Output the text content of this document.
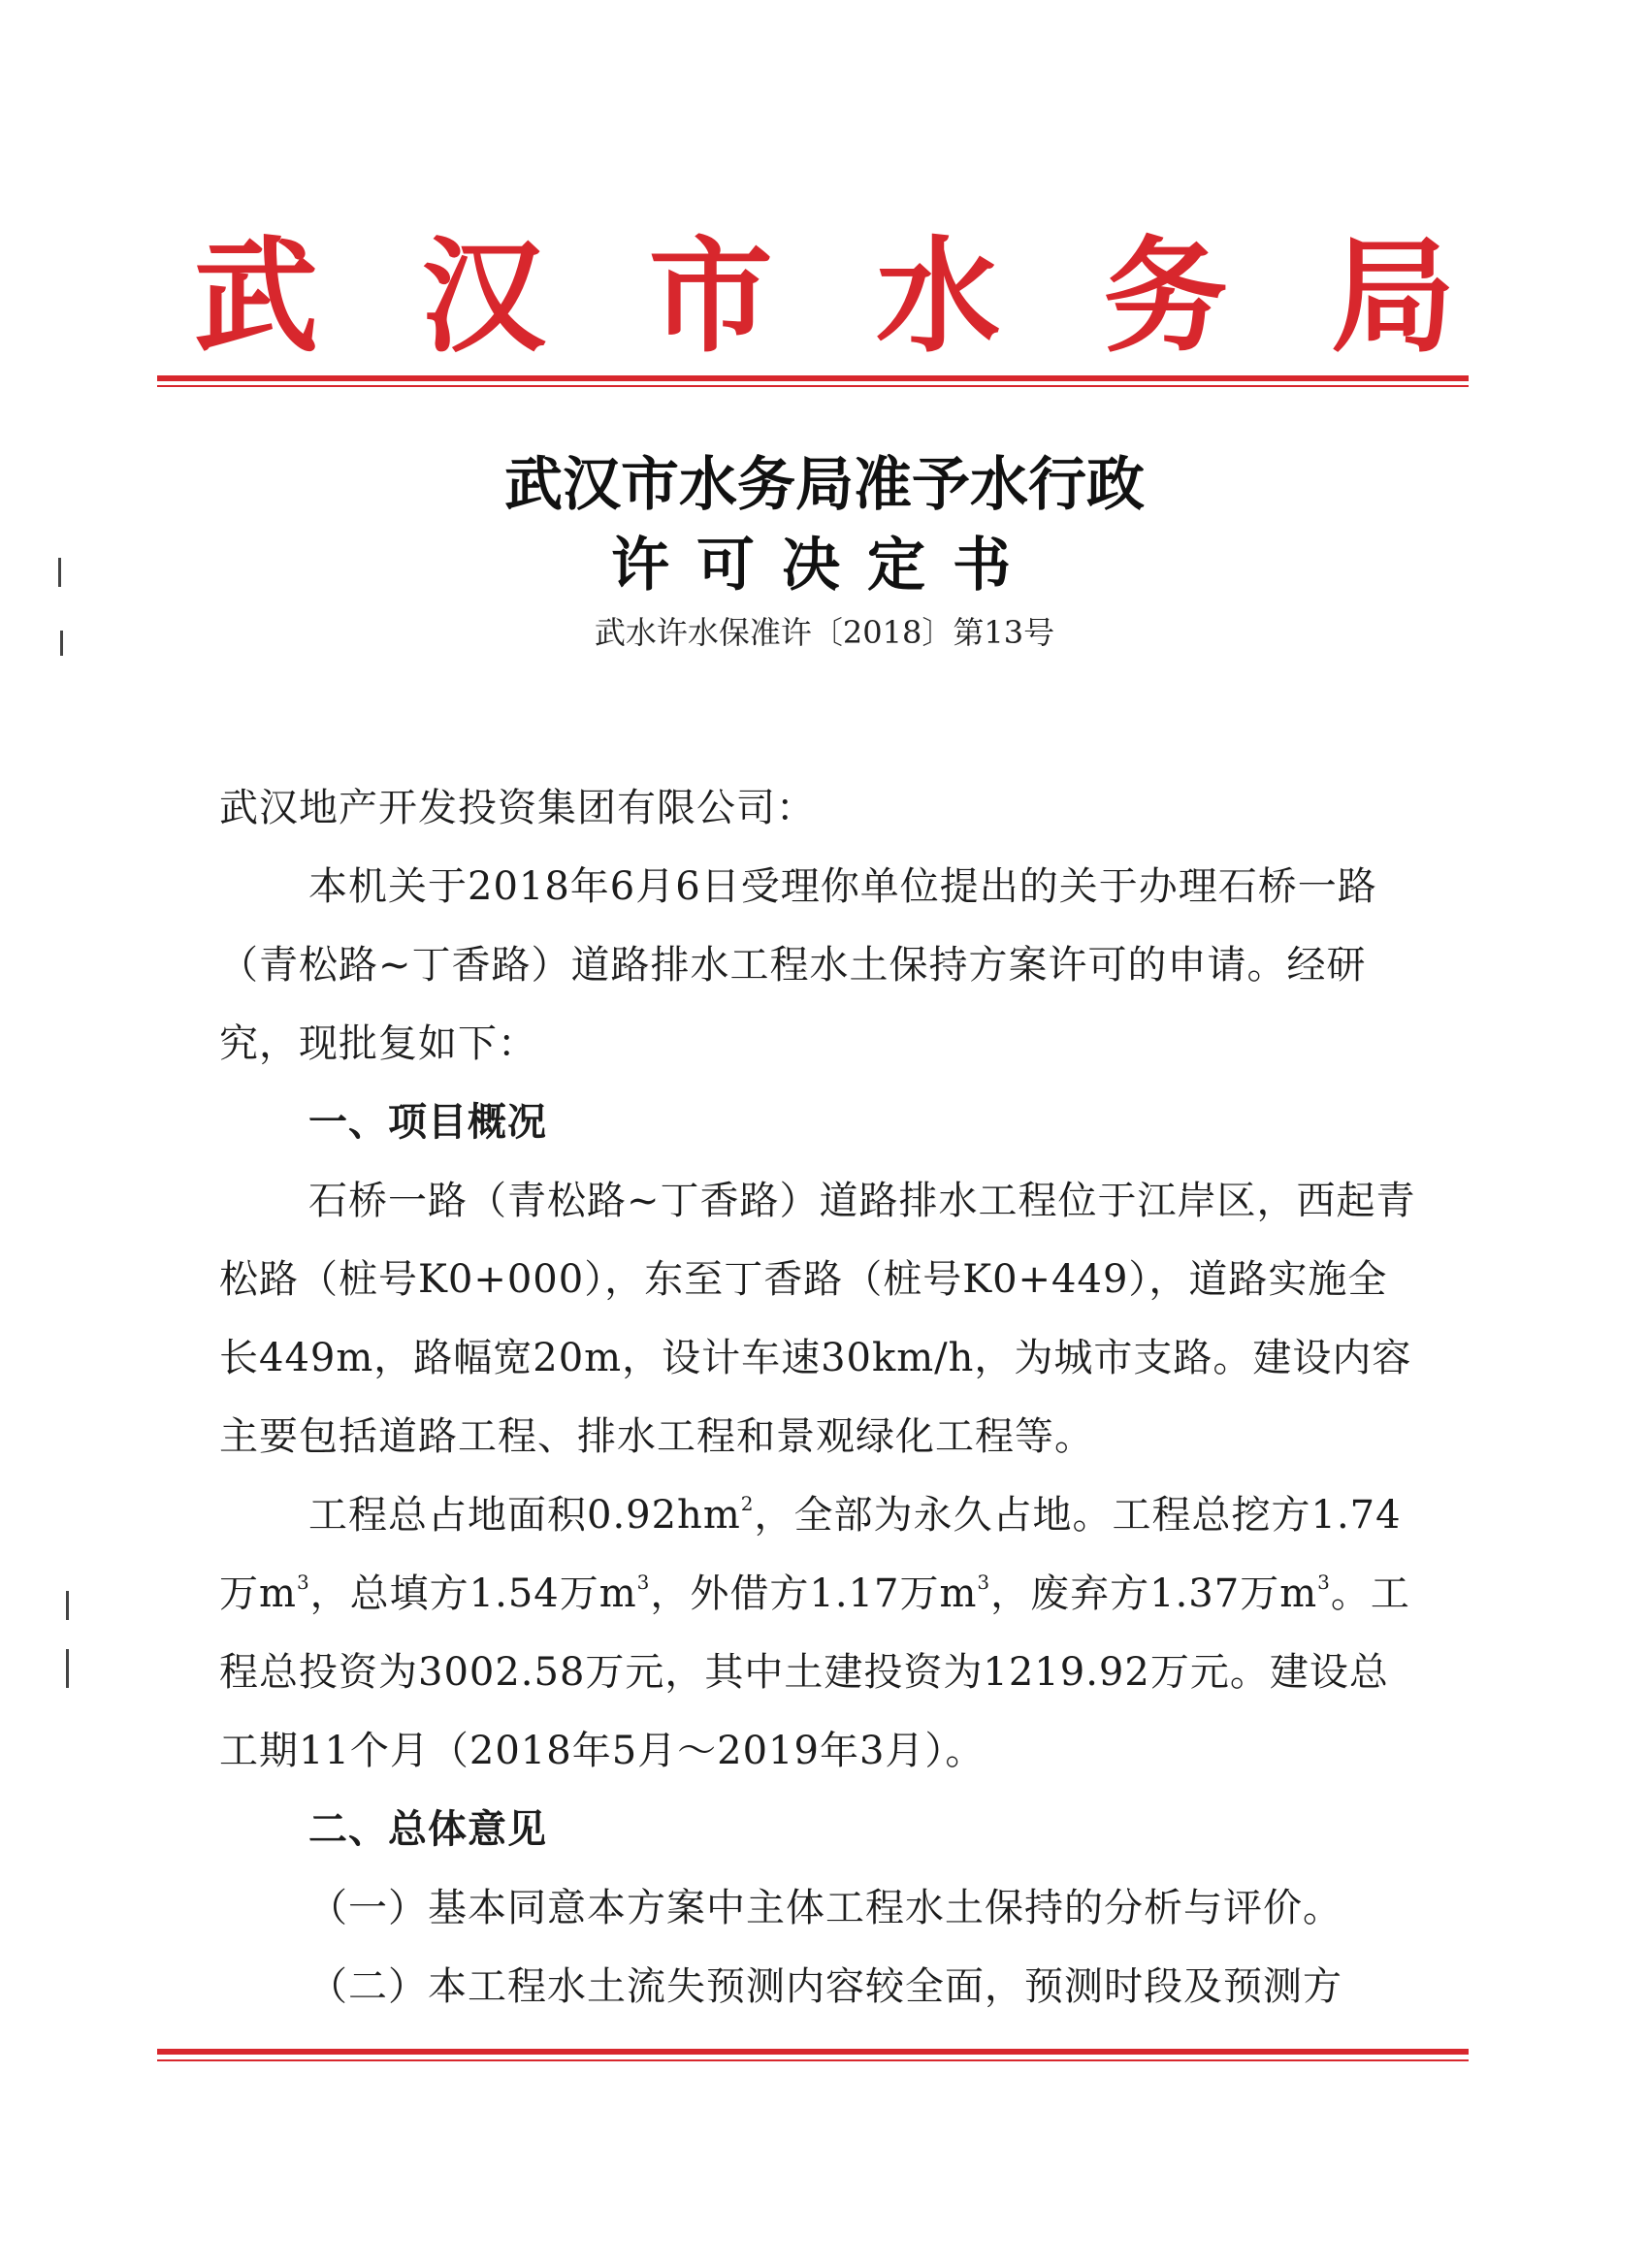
武 汉 市 水 务 局
武汉市水务局准予水行政
许可决定书
武水许水保准许〔2018〕第13号

武汉地产开发投资集团有限公司：

本机关于2018年6月6日受理你单位提出的关于办理石桥一路（青松路~丁香路）道路排水工程水土保持方案许可的申请。经研究，现批复如下：

一、项目概况

石桥一路（青松路~丁香路）道路排水工程位于江岸区，西起青松路（桩号K0+000），东至丁香路（桩号K0+449），道路实施全长449m，路幅宽20m，设计车速30km/h，为城市支路。建设内容主要包括道路工程、排水工程和景观绿化工程等。

工程总占地面积$0.92hm^2$，全部为永久占地。工程总挖方1.74万$m^3$，总填方1.54万$m^3$，外借方1.17万$m^3$，废弃方1.37万$m^3$。工程总投资为3002.58万元，其中土建投资为1219.92万元。建设总工期11个月（2018年5月～2019年3月）。

二、总体意见

（一）基本同意本方案中主体工程水土保持的分析与评价。

（二）本工程水土流失预测内容较全面，预测时段及预测方
